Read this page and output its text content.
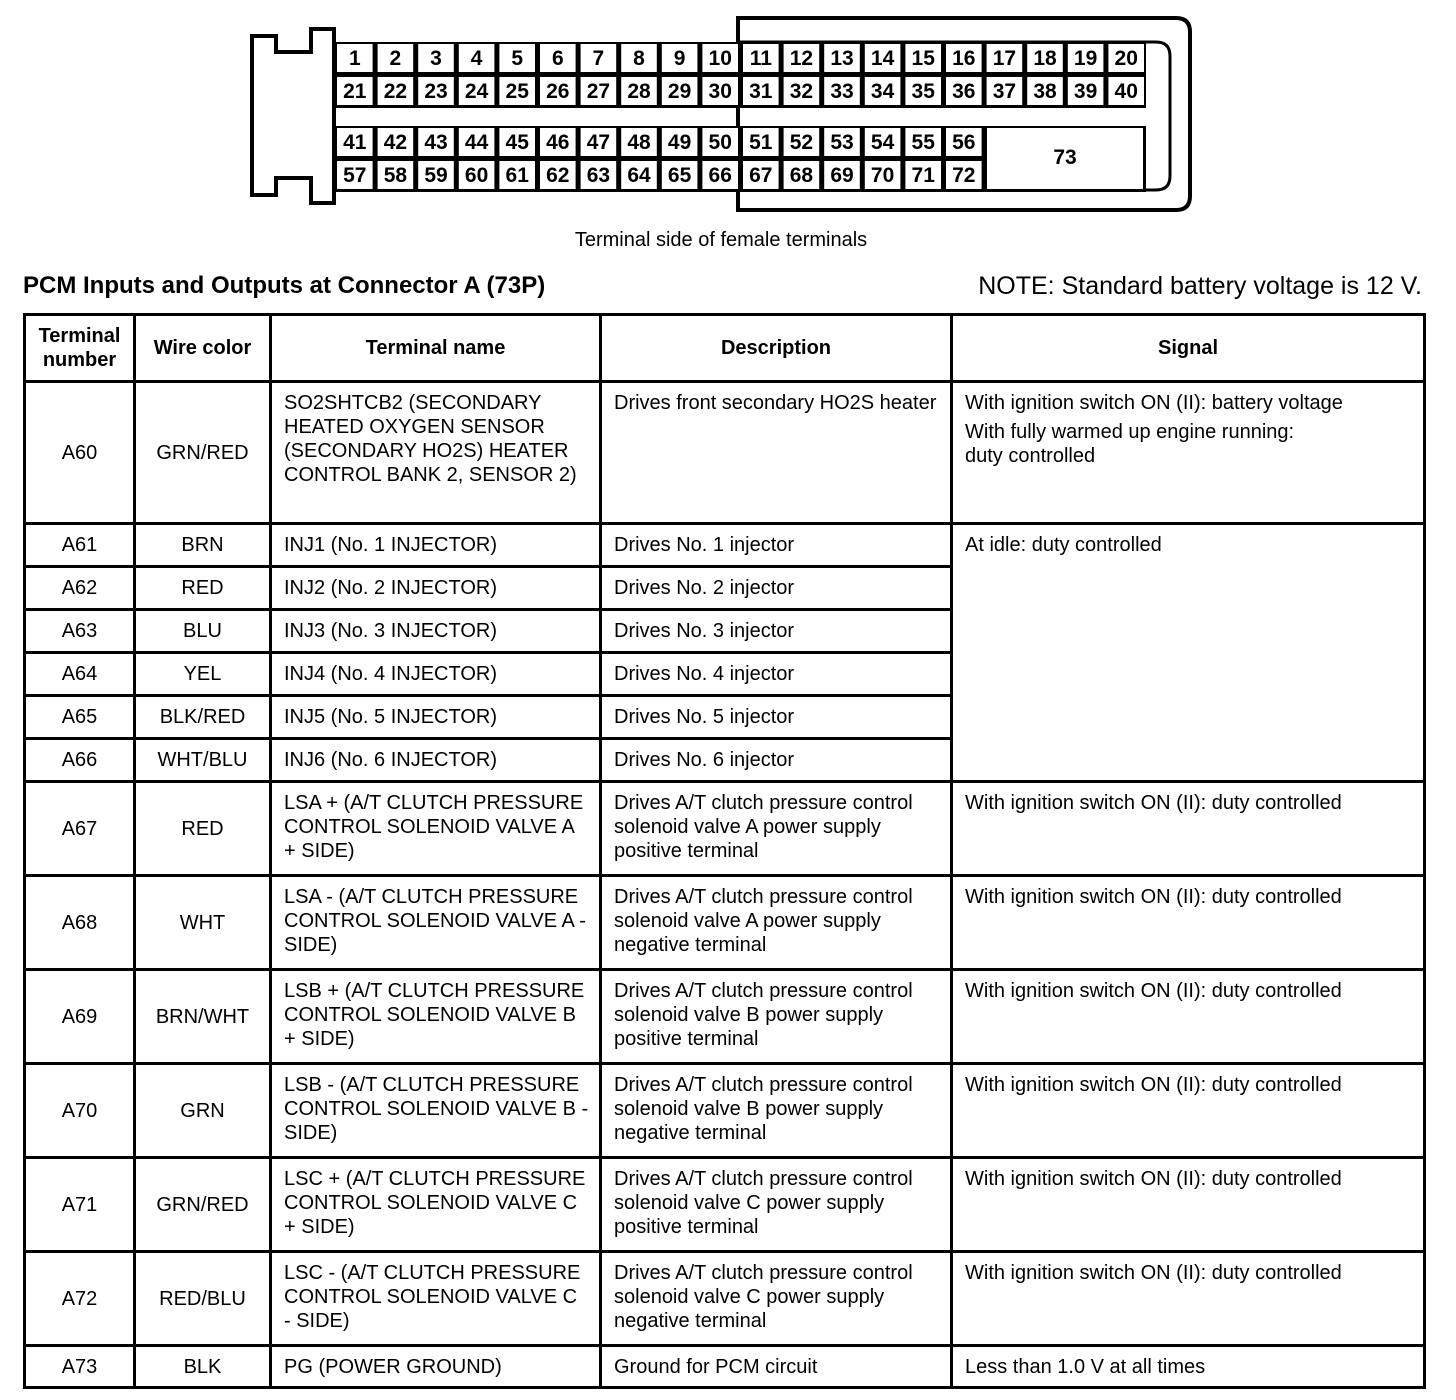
73
1 2 3 4 5 6 7 8 9 10 11 12 13 14 15 16 17 18 19 20
21 22 23 24 25 26 27 28 29 30 31 32 33 34 35 36 37 38 39 40
41 42 43 44 45 46 47 48 49 50 51 52 53 54 55 56
57 58 59 60 61 62 63 64 65 66 67 68 69 70 71 72
Terminal side of female terminals
PCM Inputs and Outputs at Connector A (73P)	NOTE: Standard battery voltage is 12 V.
Terminal number	Wire color	Terminal name	Description	Signal
A60	GRN/RED	SO2SHTCB2 (SECONDARY HEATED OXYGEN SENSOR (SECONDARY HO2S) HEATER CONTROL BANK 2, SENSOR 2)	Drives front secondary HO2S heater	With ignition switch ON (II): battery voltage
With fully warmed up engine running: duty controlled

A61	BRN	INJ1 (No. 1 INJECTOR)	Drives No. 1 injector	At idle: duty controlled
A62	RED	INJ2 (No. 2 INJECTOR)	Drives No. 2 injector	
A63	BLU	INJ3 (No. 3 INJECTOR)	Drives No. 3 injector	
A64	YEL	INJ4 (No. 4 INJECTOR)	Drives No. 4 injector	
A65	BLK/RED	INJ5 (No. 5 INJECTOR)	Drives No. 5 injector	
A66	WHT/BLU	INJ6 (No. 6 INJECTOR)	Drives No. 6 injector	
A67	RED	LSA + (A/T CLUTCH PRESSURE CONTROL SOLENOID VALVE A + SIDE)	Drives A/T clutch pressure control solenoid valve A power supply positive terminal	With ignition switch ON (II): duty controlled
A68	WHT	LSA - (A/T CLUTCH PRESSURE CONTROL SOLENOID VALVE A - SIDE)	Drives A/T clutch pressure control solenoid valve A power supply negative terminal	With ignition switch ON (II): duty controlled
A69	BRN/WHT	LSB + (A/T CLUTCH PRESSURE CONTROL SOLENOID VALVE B + SIDE)	Drives A/T clutch pressure control solenoid valve B power supply positive terminal	With ignition switch ON (II): duty controlled
A70	GRN	LSB - (A/T CLUTCH PRESSURE CONTROL SOLENOID VALVE B - SIDE)	Drives A/T clutch pressure control solenoid valve B power supply negative terminal	With ignition switch ON (II): duty controlled
A71	GRN/RED	LSC + (A/T CLUTCH PRESSURE CONTROL SOLENOID VALVE C + SIDE)	Drives A/T clutch pressure control solenoid valve C power supply positive terminal	With ignition switch ON (II): duty controlled
A72	RED/BLU	LSC - (A/T CLUTCH PRESSURE CONTROL SOLENOID VALVE C - SIDE)	Drives A/T clutch pressure control solenoid valve C power supply negative terminal	With ignition switch ON (II): duty controlled
A73	BLK	PG (POWER GROUND)	Ground for PCM circuit	Less than 1.0 V at all times
